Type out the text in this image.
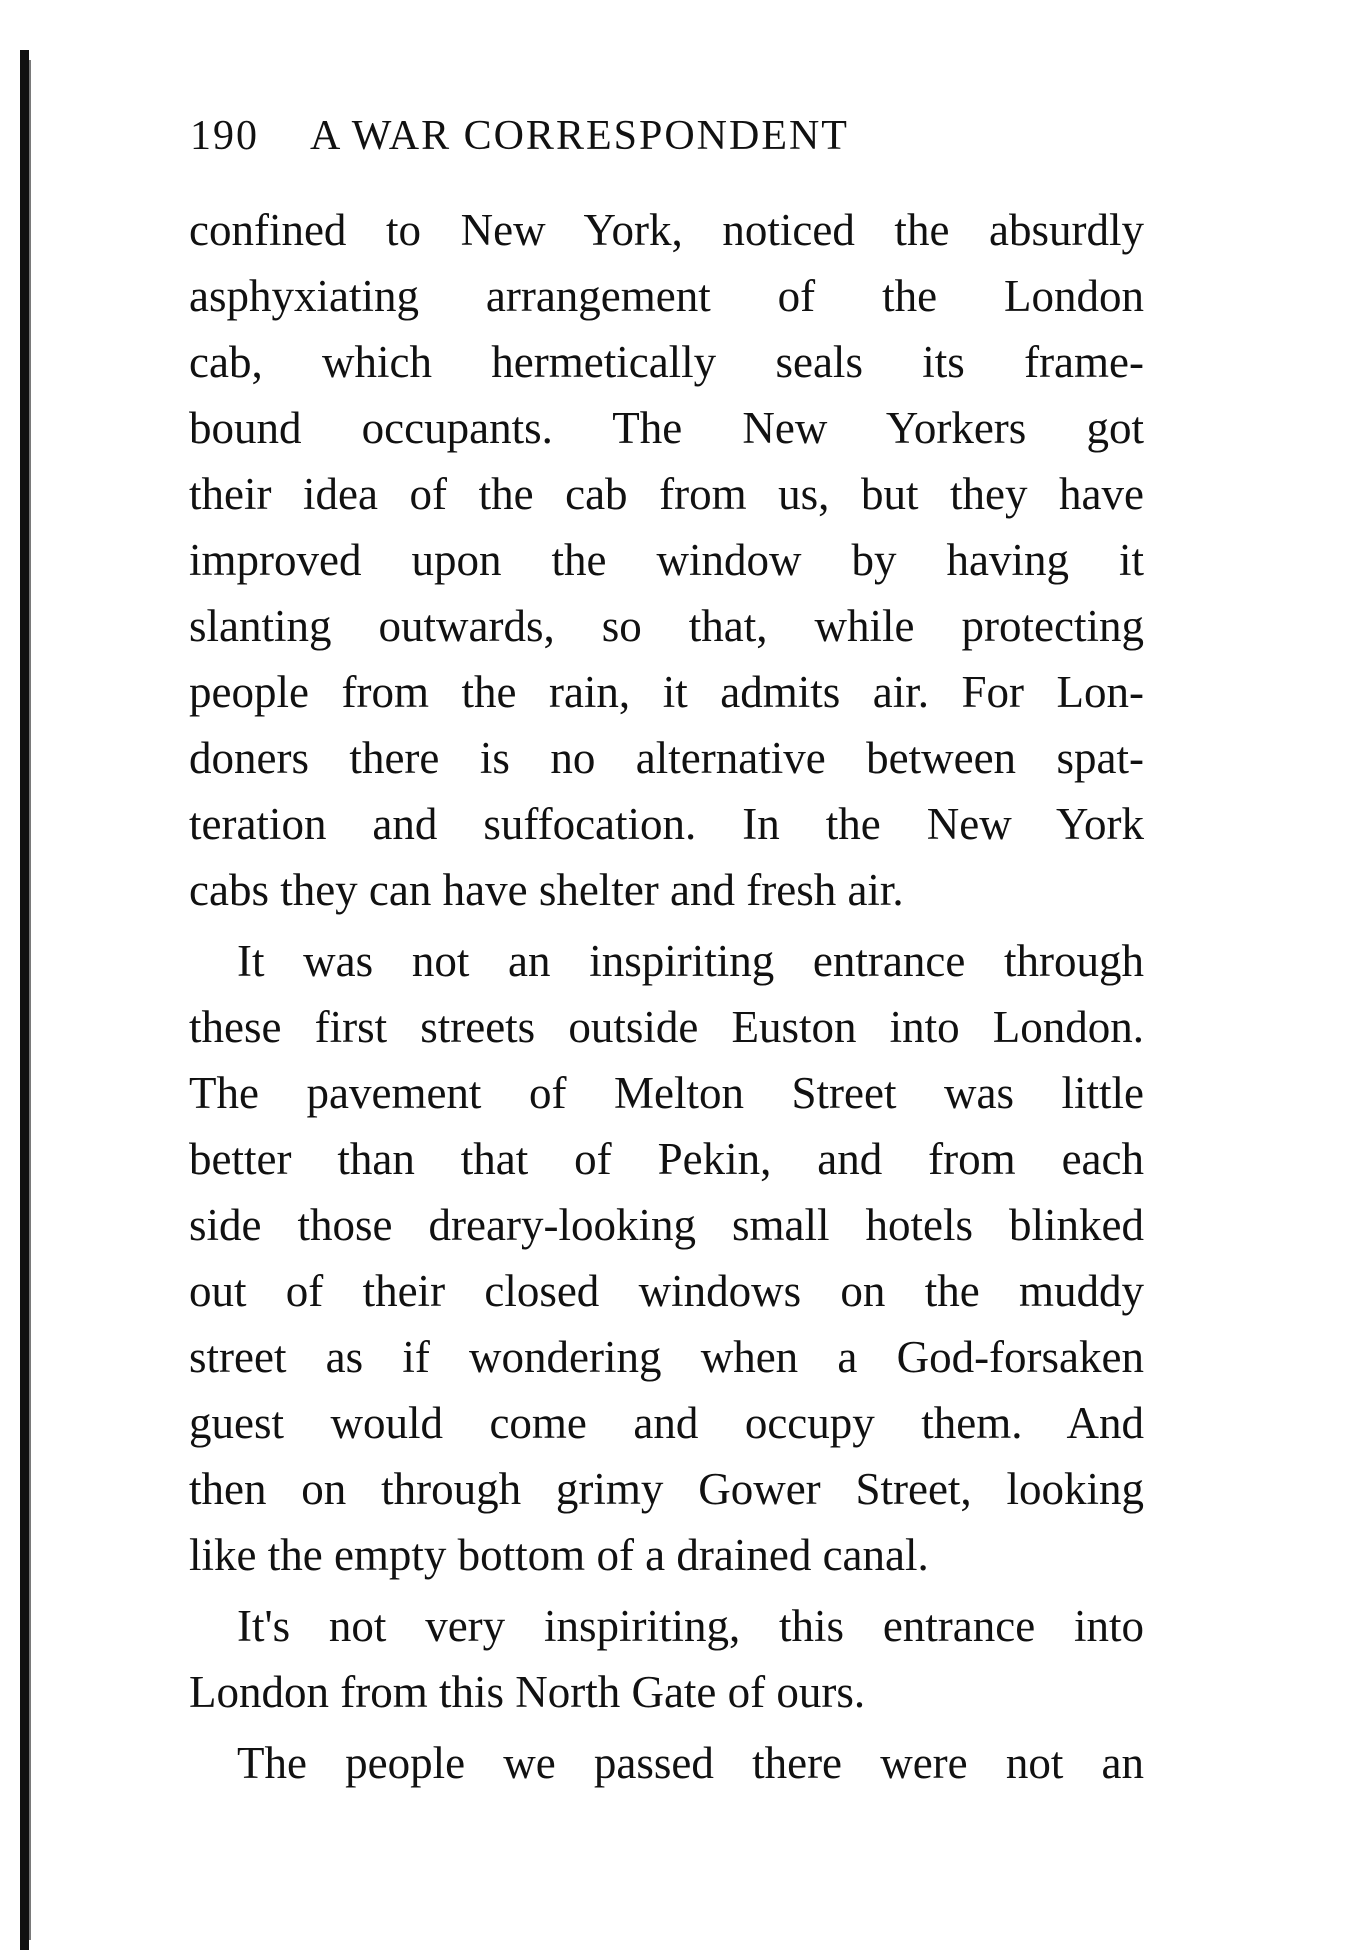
190 A WAR CORRESPONDENT
confined to New York, noticed the absurdly
asphyxiating arrangement of the London
cab, which hermetically seals its frame-
bound occupants. The New Yorkers got
their idea of the cab from us, but they have
improved upon the window by having it
slanting outwards, so that, while protecting
people from the rain, it admits air. For Lon-
doners there is no alternative between spat-
teration and suffocation. In the New York
cabs they can have shelter and fresh air.
It was not an inspiriting entrance through
these first streets outside Euston into London.
The pavement of Melton Street was little
better than that of Pekin, and from each
side those dreary-looking small hotels blinked
out of their closed windows on the muddy
street as if wondering when a God-forsaken
guest would come and occupy them. And
then on through grimy Gower Street, looking
like the empty bottom of a drained canal.
It's not very inspiriting, this entrance into
London from this North Gate of ours.
The people we passed there were not an
